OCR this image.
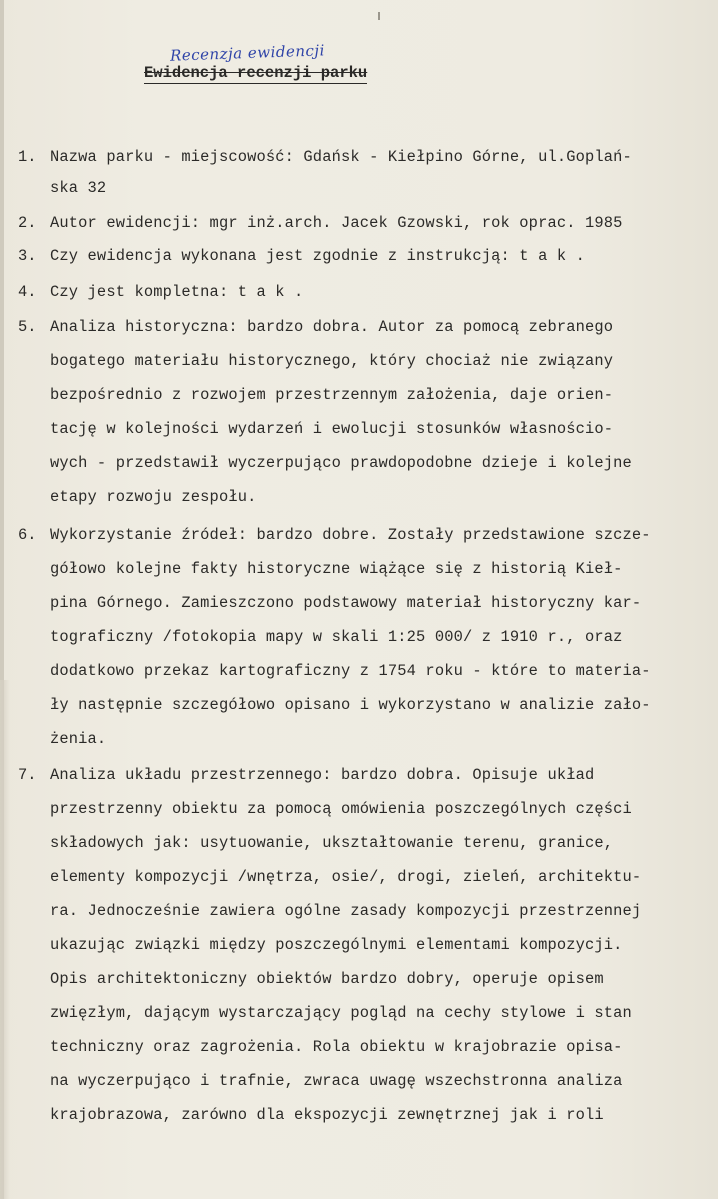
Recenzja ewidencji
Ewidencja recenzji parku
1. Nazwa parku - miejscowość: Gdańsk - Kiełpino Górne, ul.Goplań-
ska 32
2. Autor ewidencji: mgr inż.arch. Jacek Gzowski, rok oprac. 1985
3. Czy ewidencja wykonana jest zgodnie z instrukcją: t a k .
4. Czy jest kompletna: t a k .
5. Analiza historyczna: bardzo dobra. Autor za pomocą zebranego
bogatego materiału historycznego, który chociaż nie związany
bezpośrednio z rozwojem przestrzennym założenia, daje orien-
tację w kolejności wydarzeń i ewolucji stosunków własnościo-
wych - przedstawił wyczerpująco prawdopodobne dzieje i kolejne
etapy rozwoju zespołu.
6. Wykorzystanie źródeł: bardzo dobre. Zostały przedstawione szcze-
gółowo kolejne fakty historyczne wiążące się z historią Kieł-
pina Górnego. Zamieszczono podstawowy materiał historyczny kar-
tograficzny /fotokopia mapy w skali 1:25 000/ z 1910 r., oraz
dodatkowo przekaz kartograficzny z 1754 roku - które to materia-
ły następnie szczegółowo opisano i wykorzystano w analizie zało-
żenia.
7. Analiza układu przestrzennego: bardzo dobra. Opisuje układ
przestrzenny obiektu za pomocą omówienia poszczególnych części
składowych jak: usytuowanie, ukształtowanie terenu, granice,
elementy kompozycji /wnętrza, osie/, drogi, zieleń, architektu-
ra. Jednocześnie zawiera ogólne zasady kompozycji przestrzennej
ukazując związki między poszczególnymi elementami kompozycji.
Opis architektoniczny obiektów bardzo dobry, operuje opisem
zwięzłym, dającym wystarczający pogląd na cechy stylowe i stan
techniczny oraz zagrożenia. Rola obiektu w krajobrazie opisa-
na wyczerpująco i trafnie, zwraca uwagę wszechstronna analiza
krajobrazowa, zarówno dla ekspozycji zewnętrznej jak i roli
